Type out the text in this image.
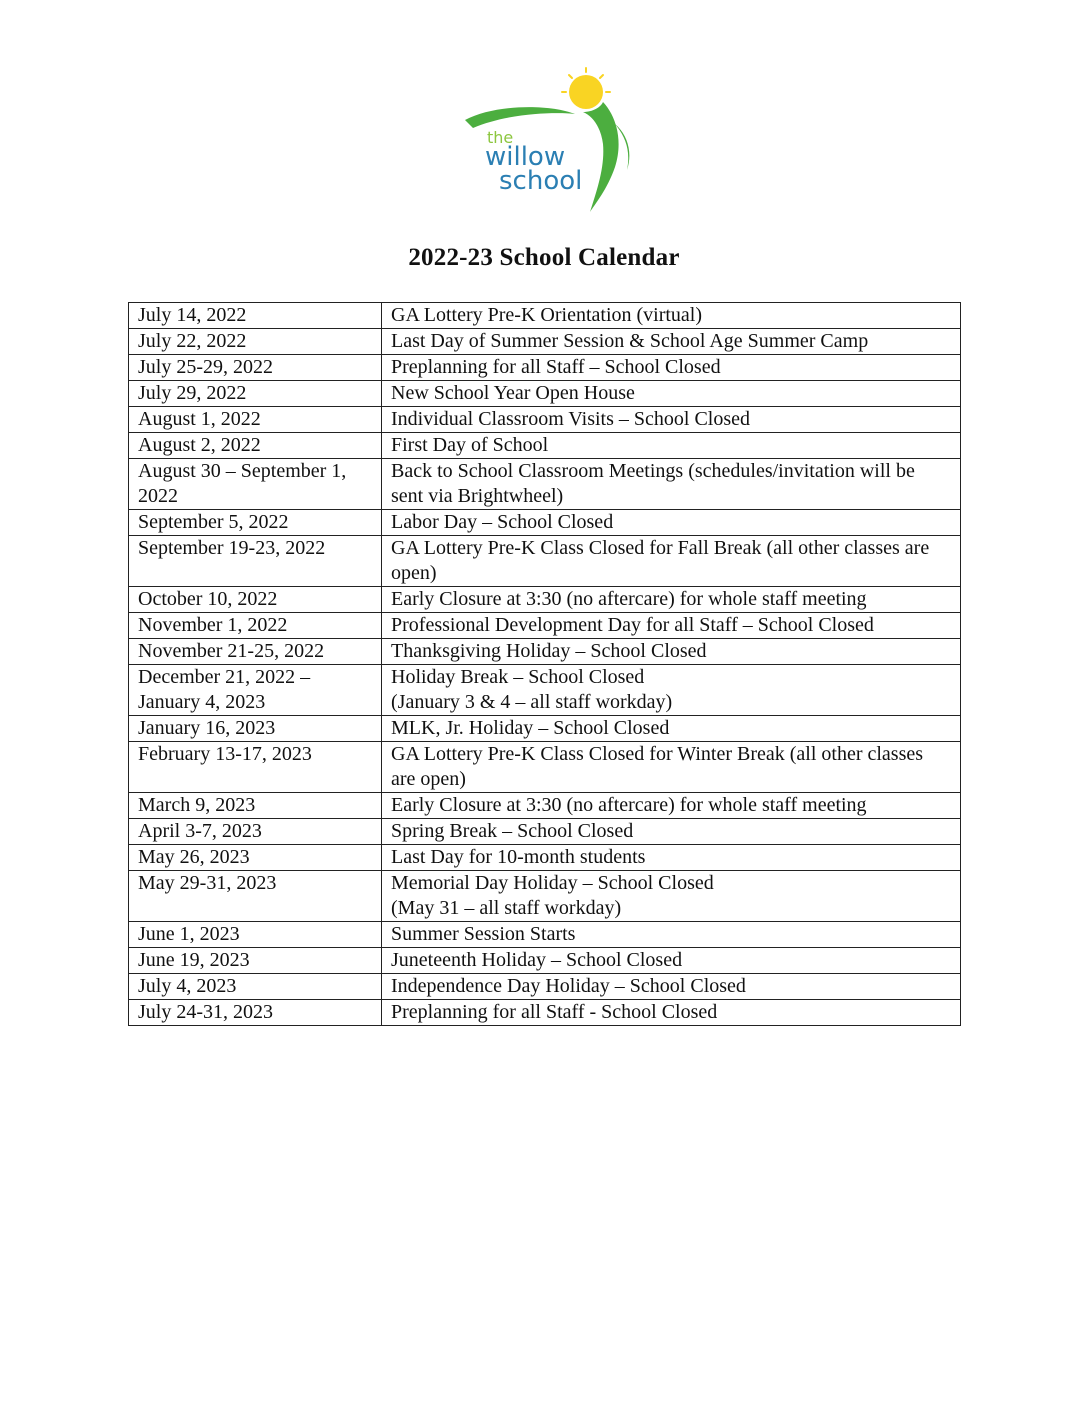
the
willow
school
2022-23 School Calendar
July 14, 2022	GA Lottery Pre-K Orientation (virtual)

July 22, 2022	Last Day of Summer Session & School Age Summer Camp

July 25-29, 2022	Preplanning for all Staff – School Closed

July 29, 2022	New School Year Open House

August 1, 2022	Individual Classroom Visits – School Closed

August 2, 2022	First Day of School

August 30 – September 1, 2022	Back to School Classroom Meetings (schedules/invitation will be sent via Brightwheel)

September 5, 2022	Labor Day – School Closed

September 19-23, 2022	GA Lottery Pre-K Class Closed for Fall Break (all other classes are open)

October 10, 2022	Early Closure at 3:30 (no aftercare) for whole staff meeting

November 1, 2022	Professional Development Day for all Staff – School Closed

November 21-25, 2022	Thanksgiving Holiday – School Closed

December 21, 2022 – January 4, 2023	Holiday Break – School Closed
(January 3 & 4 – all staff workday)

January 16, 2023	MLK, Jr. Holiday – School Closed

February 13-17, 2023	GA Lottery Pre-K Class Closed for Winter Break (all other classes are open)

March 9, 2023	Early Closure at 3:30 (no aftercare) for whole staff meeting

April 3-7, 2023	Spring Break – School Closed

May 26, 2023	Last Day for 10-month students

May 29-31, 2023	Memorial Day Holiday – School Closed
(May 31 – all staff workday)

June 1, 2023	Summer Session Starts

June 19, 2023	Juneteenth Holiday – School Closed

July 4, 2023	Independence Day Holiday – School Closed

July 24-31, 2023	Preplanning for all Staff - School Closed
